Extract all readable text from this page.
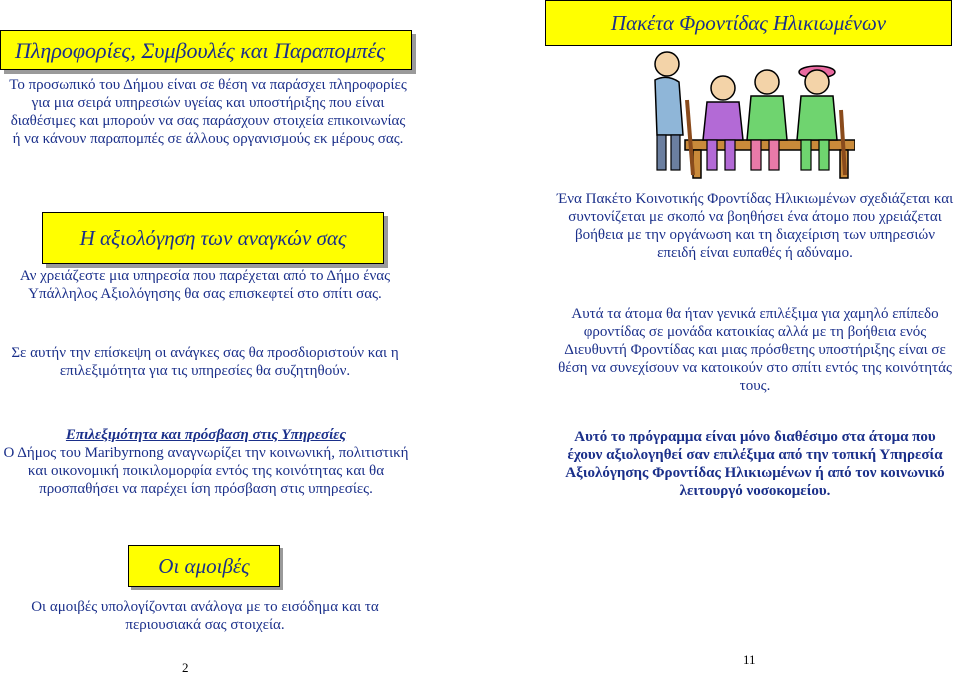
Πληροφορίες, Συμβουλές και Παραπομπές
Το προσωπικό του Δήμου είναι σε θέση να παράσχει πληροφορίες για μια σειρά υπηρεσιών υγείας και υποστήριξης που είναι διαθέσιμες και μπορούν να σας παράσχουν στοιχεία επικοινωνίας ή να κάνουν παραπομπές σε άλλους οργανισμούς εκ μέρους σας.
Η αξιολόγηση των αναγκών σας
Αν χρειάζεστε μια υπηρεσία που παρέχεται από το Δήμο ένας Υπάλληλος Αξιολόγησης θα σας επισκεφτεί στο σπίτι σας.
Σε αυτήν την επίσκεψη οι ανάγκες σας θα προσδιοριστούν και η επιλεξιμότητα για τις υπηρεσίες θα συζητηθούν.
Επιλεξιμότητα και πρόσβαση στις Υπηρεσίες
Ο Δήμος του Maribyrnong αναγνωρίζει την κοινωνική, πολιτιστική και οικονομική ποικιλομορφία εντός της κοινότητας και θα προσπαθήσει να παρέχει ίση πρόσβαση στις υπηρεσίες.
Οι αμοιβές
Οι αμοιβές υπολογίζονται ανάλογα με το εισόδημα και τα περιουσιακά σας στοιχεία.
2
Πακέτα Φροντίδας Ηλικιωμένων
Ένα Πακέτο Κοινοτικής Φροντίδας Ηλικιωμένων σχεδιάζεται και συντονίζεται με σκοπό να βοηθήσει ένα άτομο που χρειάζεται βοήθεια με την οργάνωση και τη διαχείριση των υπηρεσιών επειδή είναι ευπαθές ή αδύναμο.
Αυτά τα άτομα θα ήταν γενικά επιλέξιμα για χαμηλό επίπεδο φροντίδας σε μονάδα κατοικίας αλλά με τη βοήθεια ενός Διευθυντή Φροντίδας και μιας πρόσθετης υποστήριξης είναι σε θέση να συνεχίσουν να κατοικούν στο σπίτι εντός της κοινότητάς τους.
Αυτό το πρόγραμμα είναι μόνο διαθέσιμο στα άτομα που έχουν αξιολογηθεί σαν επιλέξιμα από την τοπική Υπηρεσία Αξιολόγησης Φροντίδας Ηλικιωμένων ή από τον κοινωνικό λειτουργό νοσοκομείου.
11
